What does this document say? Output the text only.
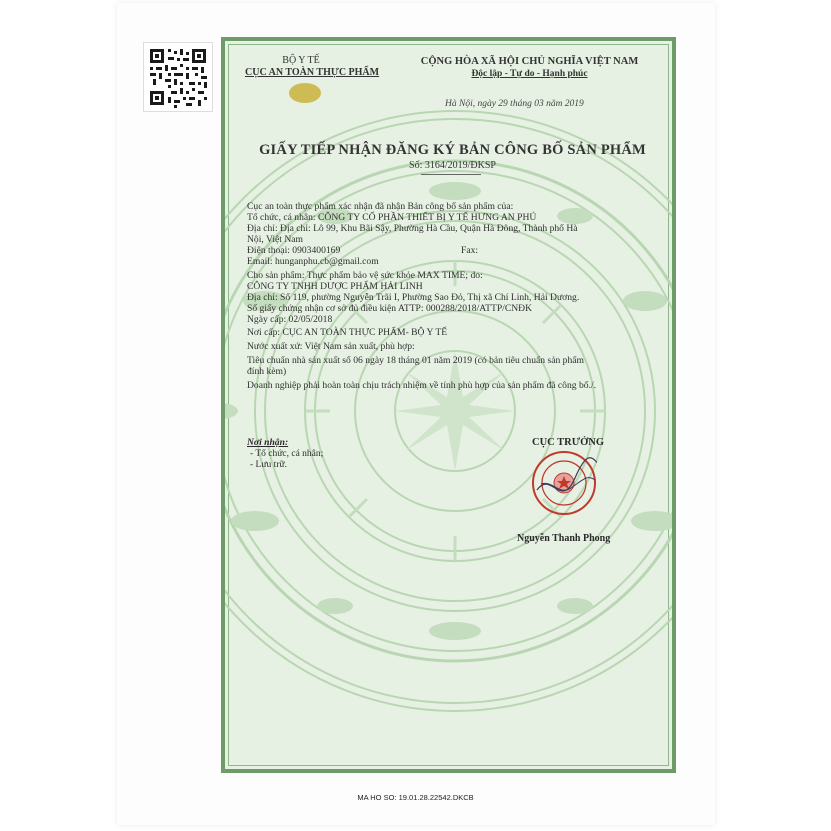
BỘ Y TẾ
CỤC AN TOÀN THỰC PHẨM
CỘNG HÒA XÃ HỘI CHỦ NGHĨA VIỆT NAM
Độc lập - Tự do - Hạnh phúc
Hà Nội, ngày 29 tháng 03 năm 2019
GIẤY TIẾP NHẬN ĐĂNG KÝ BẢN CÔNG BỐ SẢN PHẨM
Số: 3164/2019/ĐKSP
Cục an toàn thực phẩm xác nhận đã nhận Bản công bố sản phẩm của:
Tổ chức, cá nhân: CÔNG TY CỔ PHẦN THIẾT BỊ Y TẾ HƯNG AN PHÚ
Địa chỉ: Địa chỉ: Lô 99, Khu Bãi Sậy, Phường Hà Cầu, Quận Hà Đông, Thành phố Hà
Nội, Việt Nam
Điện thoại: 0903400169	Fax:
Email: hunganphu.cb@gmail.com
Cho sản phẩm: Thực phẩm bảo vệ sức khỏe MAX TIME; do:
CÔNG TY TNHH DƯỢC PHẨM HẢI LINH
Địa chỉ: Số 119, phường Nguyễn Trãi I, Phường Sao Đỏ, Thị xã Chí Linh, Hải Dương.
Số giấy chứng nhận cơ sở đủ điều kiện ATTP: 000288/2018/ATTP/CNĐK
Ngày cấp: 02/05/2018
Nơi cấp: CỤC AN TOÀN THỰC PHẨM- BỘ Y TẾ
Nước xuất xứ: Việt Nam sản xuất, phù hợp:
Tiêu chuẩn nhà sản xuất số 06 ngày 18 tháng 01 năm 2019 (có bản tiêu chuẩn sản phẩm
đính kèm)
Doanh nghiệp phải hoàn toàn chịu trách nhiệm về tính phù hợp của sản phẩm đã công bố./.
Nơi nhận:
- Tổ chức, cá nhân;
- Lưu trữ.
CỤC TRƯỞNG
Nguyễn Thanh Phong
MA HO SO: 19.01.28.22542.DKCB
